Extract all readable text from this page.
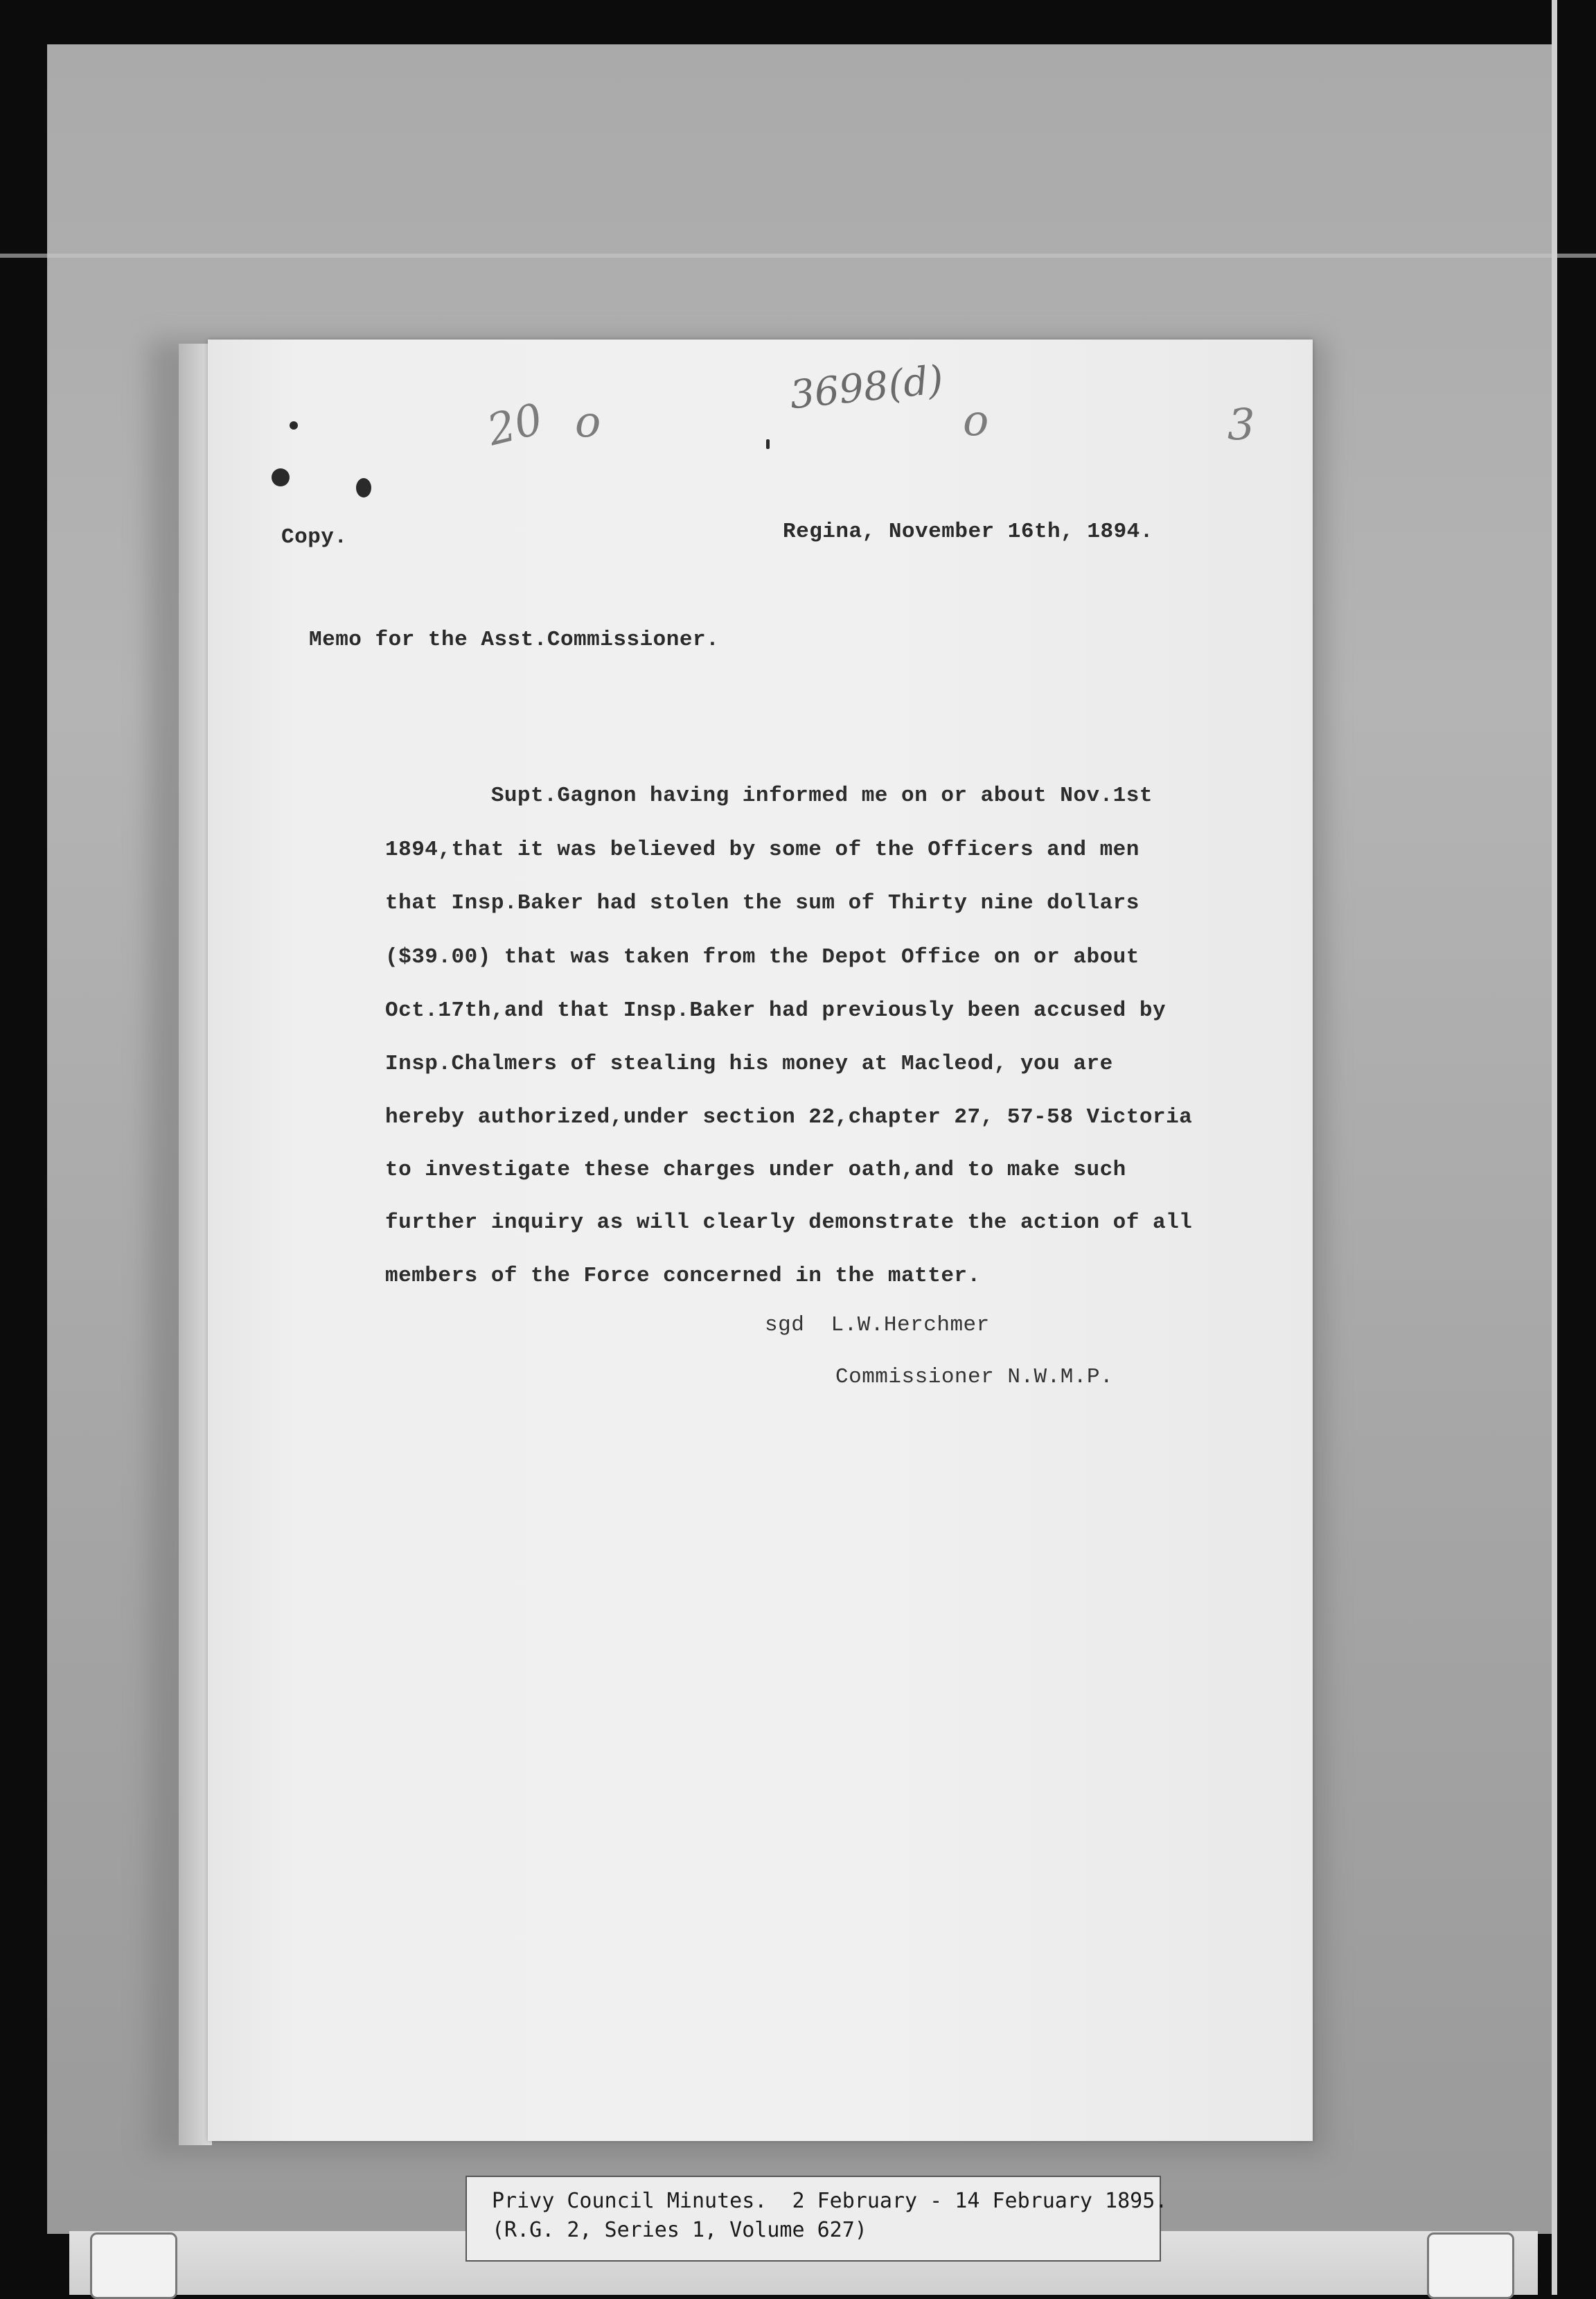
3698(d)
20 o	o	3
Copy.	Regina, November 16th, 1894.
Memo for the Asst.Commissioner.
Supt.Gagnon having informed me on or about Nov.1st
1894,that it was believed by some of the Officers and men
that Insp.Baker had stolen the sum of Thirty nine dollars
($39.00) that was taken from the Depot Office on or about
Oct.17th,and that Insp.Baker had previously been accused by
Insp.Chalmers of stealing his money at Macleod, you are
hereby authorized,under section 22,chapter 27, 57-58 Victoria
to investigate these charges under oath,and to make such
further inquiry as will clearly demonstrate the action of all
members of the Force concerned in the matter.
sgd  L.W.Herchmer
Commissioner N.W.M.P.
Privy Council Minutes.  2 February - 14 February 1895.
(R.G. 2, Series 1, Volume 627)
